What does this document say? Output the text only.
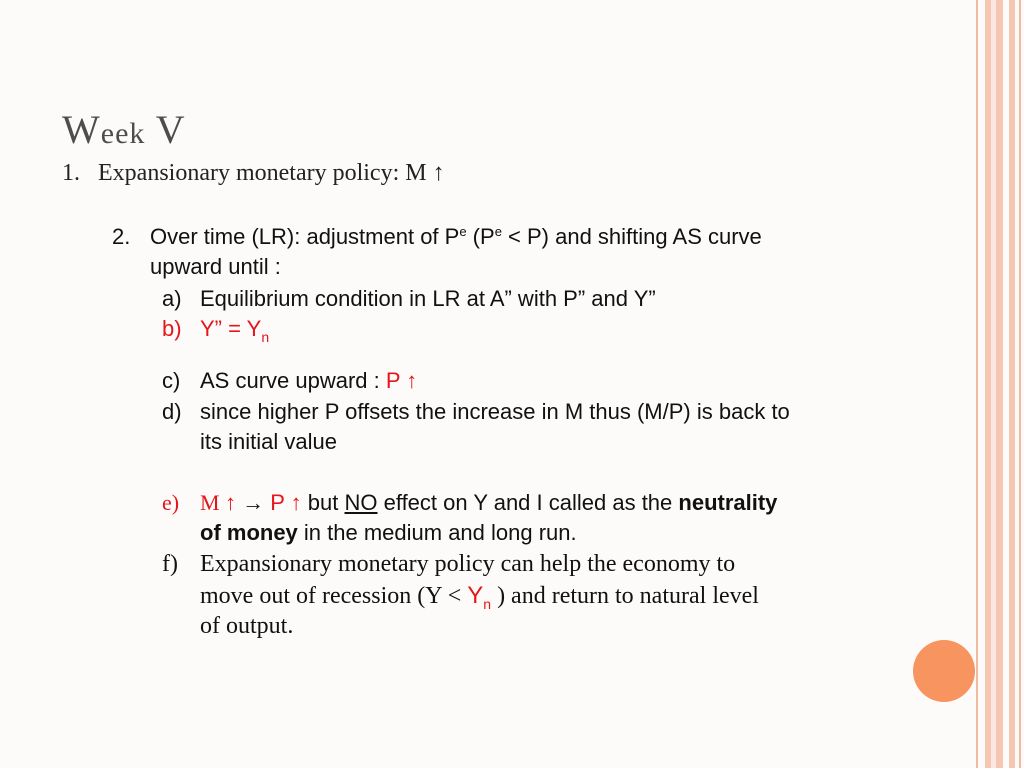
Week V
1. Expansionary monetary policy: M ↑
2. Over time (LR): adjustment of $P^e$ $(P^e < P)$ and shifting AS curve
upward until :
a) Equilibrium condition in LR at A” with P” and Y”
b) Y” = $Y_n$
c) AS curve upward : P ↑
d) since higher P offsets the increase in M thus (M/P) is back to
its initial value
e) M ↑ → P ↑ but NO effect on Y and I called as the neutrality
of money in the medium and long run.
f) Expansionary monetary policy can help the economy to
move out of recession ($Y < Y_n$ ) and return to natural level
of output.
